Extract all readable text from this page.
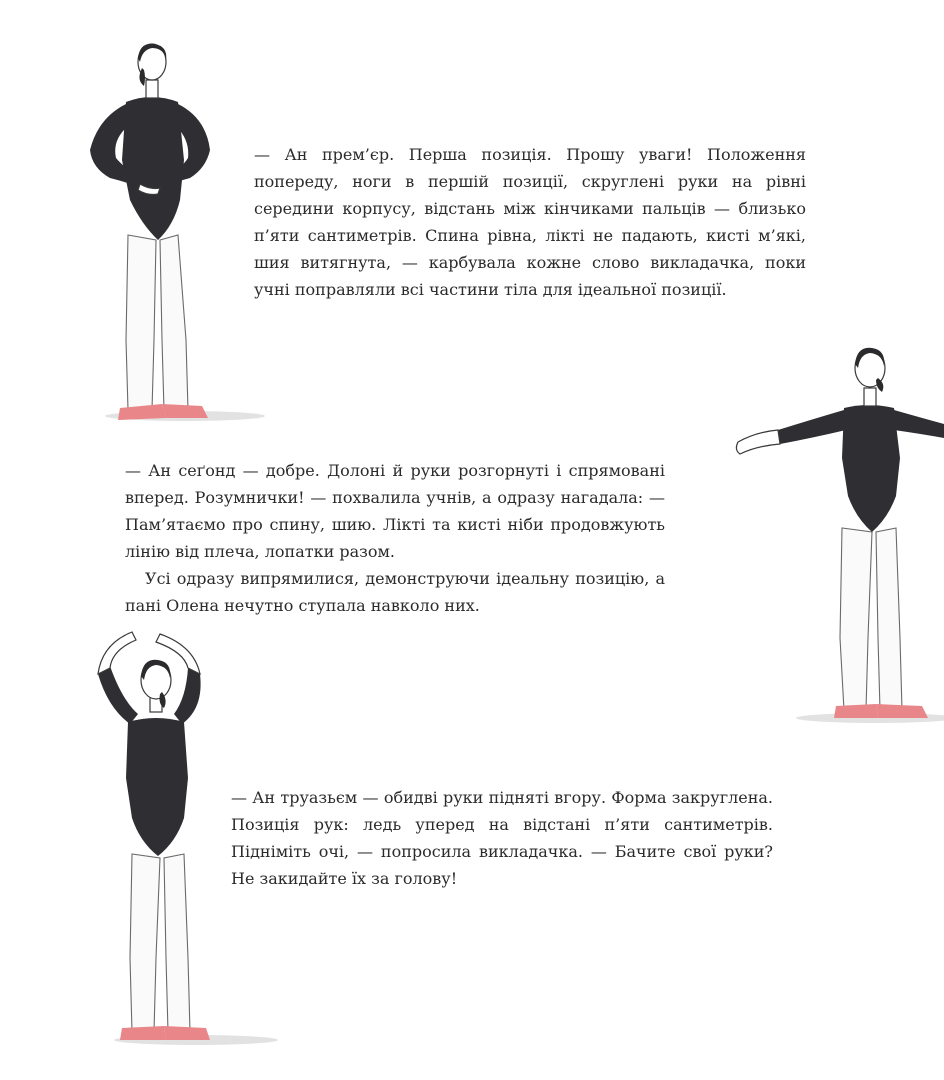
— Ан прем’єр. Перша позиція. Прошу уваги! Положення попереду, ноги в першій позиції, скруглені руки на рівні середини корпусу, відстань між кінчиками пальців — близько п’яти сантиметрів. Спина рівна, лікті не падають, кисті м’які, шия витягнута, — карбувала кожне слово викладачка, поки учні поправляли всі частини тіла для ідеальної позиції.

— Ан сеґонд — добре. Долоні й руки розгорнуті і спрямовані вперед. Розумнички! — похвалила учнів, а одразу нагадала: — Пам’ятаємо про спину, шию. Лікті та кисті ніби продовжують лінію від плеча, лопатки разом.

Усі одразу випрямилися, демонструючи ідеальну позицію, а пані Олена нечутно ступала навколо них.

— Ан труазьєм — обидві руки підняті вгору. Форма закруглена. Позиція рук: ледь уперед на відстані п’яти сантиметрів. Підніміть очі, — попросила викладачка. — Бачите свої руки? Не закидайте їх за голову!
